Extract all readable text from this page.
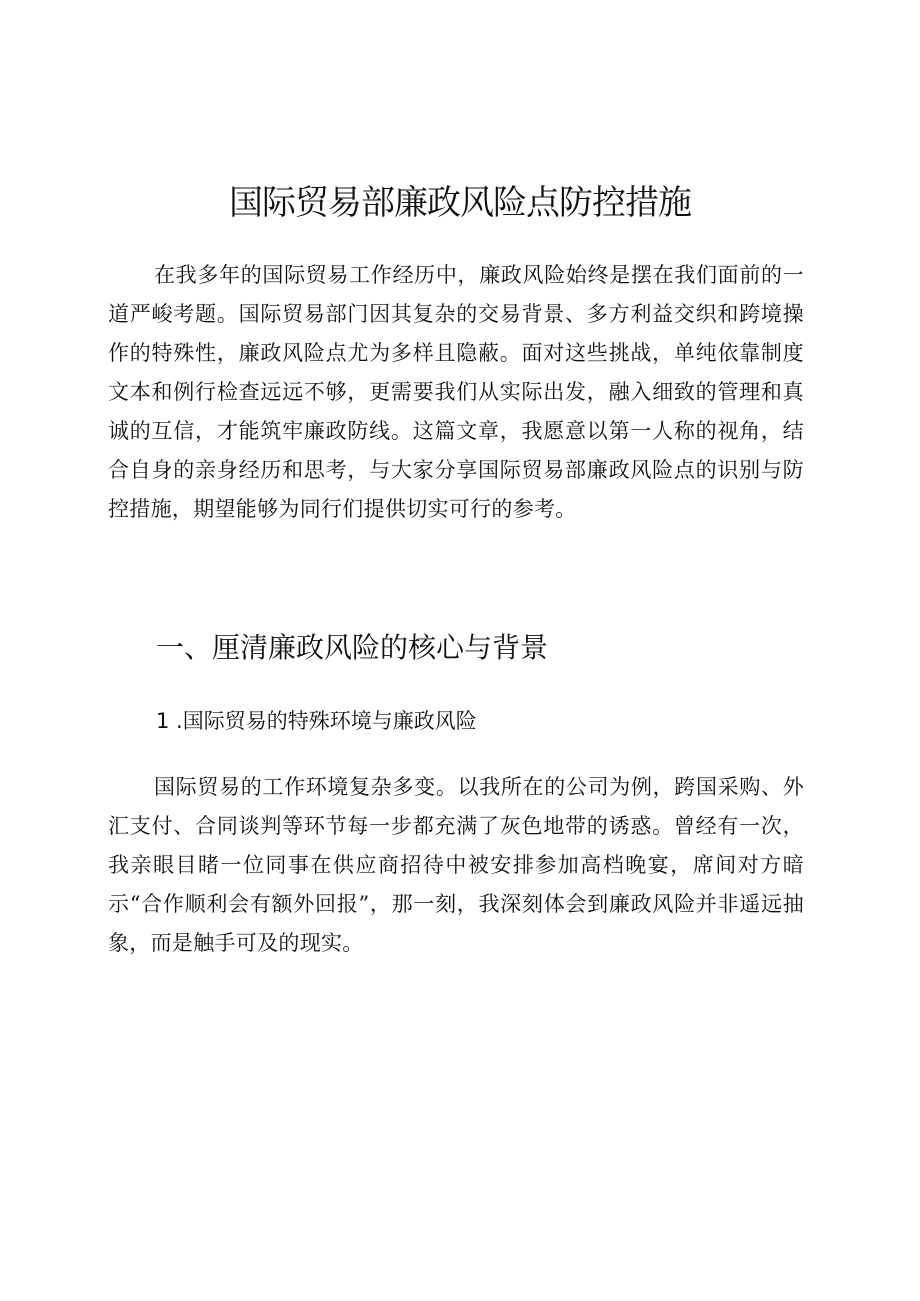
国际贸易部廉政风险点防控措施

在我多年的国际贸易工作经历中，廉政风险始终是摆在我们面前的一道严峻考题。国际贸易部门因其复杂的交易背景、多方利益交织和跨境操作的特殊性，廉政风险点尤为多样且隐蔽。面对这些挑战，单纯依靠制度文本和例行检查远远不够，更需要我们从实际出发，融入细致的管理和真诚的互信，才能筑牢廉政防线。这篇文章，我愿意以第一人称的视角，结合自身的亲身经历和思考，与大家分享国际贸易部廉政风险点的识别与防控措施，期望能够为同行们提供切实可行的参考。

一、厘清廉政风险的核心与背景
1 .国际贸易的特殊环境与廉政风险

国际贸易的工作环境复杂多变。以我所在的公司为例，跨国采购、外汇支付、合同谈判等环节每一步都充满了灰色地带的诱惑。曾经有一次，我亲眼目睹一位同事在供应商招待中被安排参加高档晚宴，席间对方暗示“合作顺利会有额外回报”，那一刻，我深刻体会到廉政风险并非遥远抽象，而是触手可及的现实。
